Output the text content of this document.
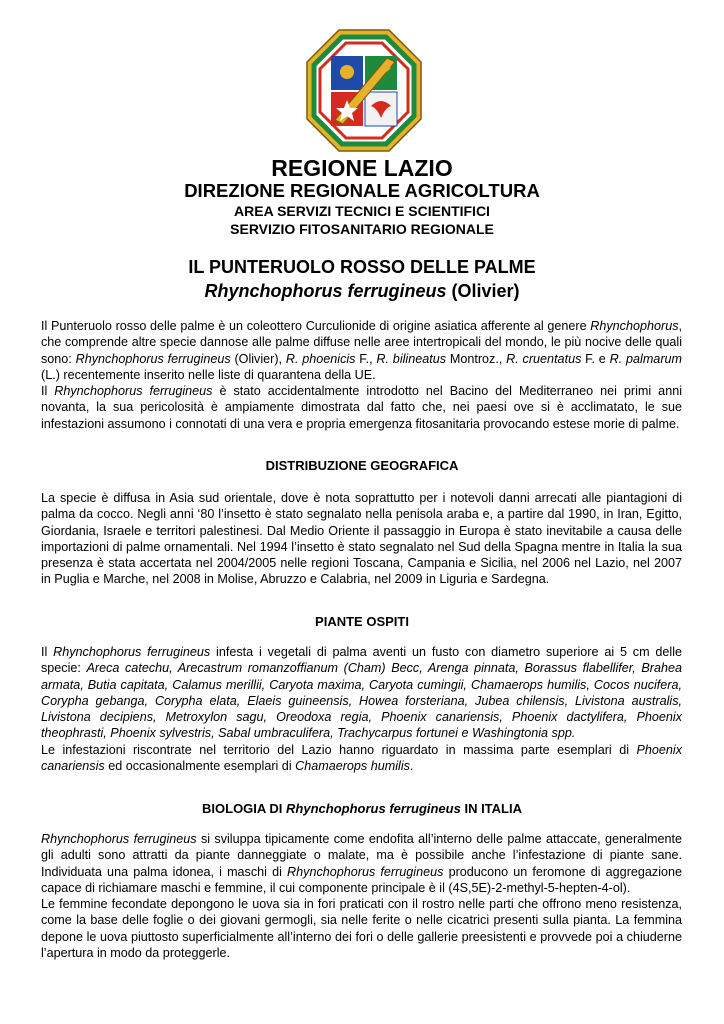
REGIONE LAZIO
DIREZIONE REGIONALE AGRICOLTURA
AREA SERVIZI TECNICI E SCIENTIFICI
SERVIZIO FITOSANITARIO REGIONALE
IL PUNTERUOLO ROSSO DELLE PALME
Rhynchophorus ferrugineus (Olivier)

Il Punteruolo rosso delle palme è un coleottero Curculionide di origine asiatica afferente al genere Rhynchophorus, che comprende altre specie dannose alle palme diffuse nelle aree intertropicali del mondo, le più nocive delle quali sono: Rhynchophorus ferrugineus (Olivier), R. phoenicis F., R. bilineatus Montroz., R. cruentatus F. e R. palmarum (L.) recentemente inserito nelle liste di quarantena della UE.

Il Rhynchophorus ferrugineus è stato accidentalmente introdotto nel Bacino del Mediterraneo nei primi anni novanta, la sua pericolosità è ampiamente dimostrata dal fatto che, nei paesi ove si è acclimatato, le sue infestazioni assumono i connotati di una vera e propria emergenza fitosanitaria provocando estese morie di palme.

DISTRIBUZIONE GEOGRAFICA

La specie è diffusa in Asia sud orientale, dove è nota soprattutto per i notevoli danni arrecati alle piantagioni di palma da cocco. Negli anni ‘80 l’insetto è stato segnalato nella penisola araba e, a partire dal 1990, in Iran, Egitto, Giordania, Israele e territori palestinesi. Dal Medio Oriente il passaggio in Europa è stato inevitabile a causa delle importazioni di palme ornamentali. Nel 1994 l’insetto è stato segnalato nel Sud della Spagna mentre in Italia la sua presenza è stata accertata nel 2004/2005 nelle regioni Toscana, Campania e Sicilia, nel 2006 nel Lazio, nel 2007 in Puglia e Marche, nel 2008 in Molise, Abruzzo e Calabria, nel 2009 in Liguria e Sardegna.

PIANTE OSPITI

Il Rhynchophorus ferrugineus infesta i vegetali di palma aventi un fusto con diametro superiore ai 5 cm delle specie: Areca catechu, Arecastrum romanzoffianum (Cham) Becc, Arenga pinnata, Borassus flabellifer, Brahea armata, Butia capitata, Calamus merillii, Caryota maxima, Caryota cumingii, Chamaerops humilis, Cocos nucifera, Corypha gebanga, Corypha elata, Elaeis guineensis, Howea forsteriana, Jubea chilensis, Livistona australis, Livistona decipiens, Metroxylon sagu, Oreodoxa regia, Phoenix canariensis, Phoenix dactylifera, Phoenix theophrasti, Phoenix sylvestris, Sabal umbraculifera, Trachycarpus fortunei e Washingtonia spp.

Le infestazioni riscontrate nel territorio del Lazio hanno riguardato in massima parte esemplari di Phoenix canariensis ed occasionalmente esemplari di Chamaerops humilis.

BIOLOGIA DI Rhynchophorus ferrugineus IN ITALIA

Rhynchophorus ferrugineus si sviluppa tipicamente come endofita all’interno delle palme attaccate, generalmente gli adulti sono attratti da piante danneggiate o malate, ma è possibile anche l’infestazione di piante sane. Individuata una palma idonea, i maschi di Rhynchophorus ferrugineus producono un feromone di aggregazione capace di richiamare maschi e femmine, il cui componente principale è il (4S,5E)-2-methyl-5-hepten-4-ol).

Le femmine fecondate depongono le uova sia in fori praticati con il rostro nelle parti che offrono meno resistenza, come la base delle foglie o dei giovani germogli, sia nelle ferite o nelle cicatrici presenti sulla pianta. La femmina depone le uova piuttosto superficialmente all’interno dei fori o delle gallerie preesistenti e provvede poi a chiuderne l’apertura in modo da proteggerle.
